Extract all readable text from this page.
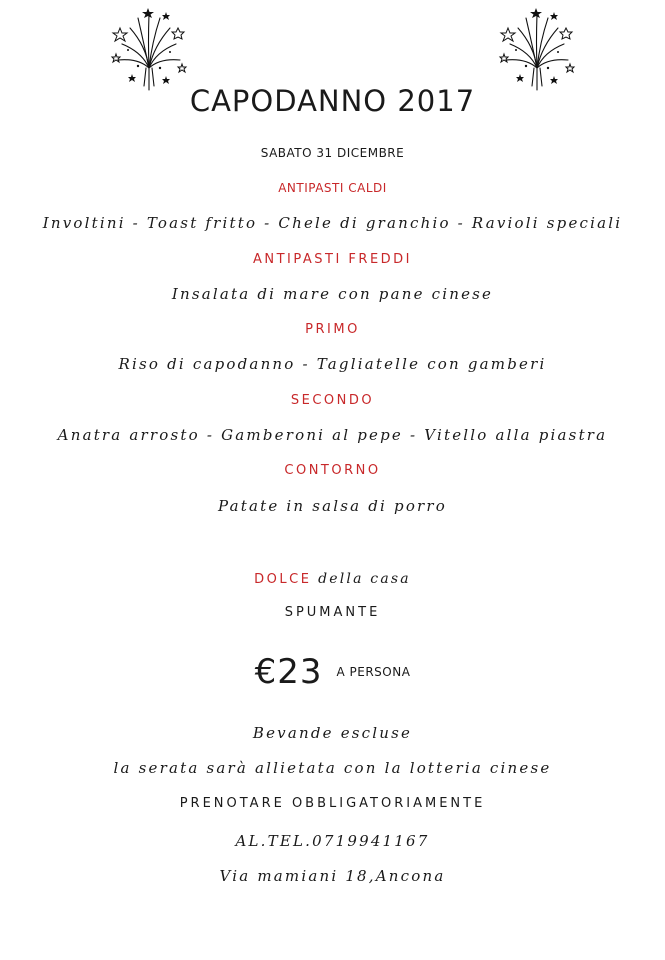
CAPODANNO 2017
SABATO 31 DICEMBRE
ANTIPASTI CALDI
Involtini - Toast fritto - Chele di granchio - Ravioli speciali
ANTIPASTI FREDDI
Insalata di mare con pane cinese
PRIMO
Riso di capodanno - Tagliatelle con gamberi
SECONDO
Anatra arrosto - Gamberoni al pepe - Vitello alla piastra
CONTORNO
Patate in salsa di porro
DOLCE della casa
SPUMANTE
€23 A PERSONA
Bevande escluse
la serata sarà allietata con la lotteria cinese
PRENOTARE OBBLIGATORIAMENTE
AL.TEL.0719941167
Via mamiani 18,Ancona
